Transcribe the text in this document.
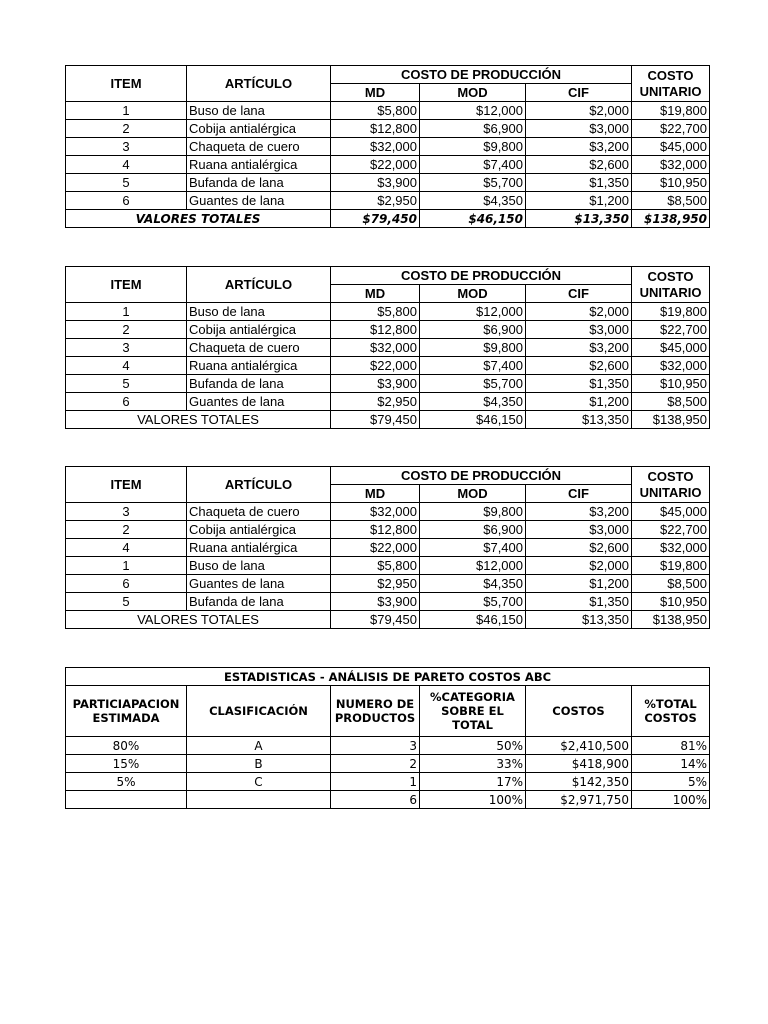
ITEM	ARTÍCULO	COSTO DE PRODUCCIÓN			COSTO
UNITARIO
		MD	MOD	CIF	
1	Buso de lana	$5,800	$12,000	$2,000	$19,800
2	Cobija antialérgica	$12,800	$6,900	$3,000	$22,700
3	Chaqueta de cuero	$32,000	$9,800	$3,200	$45,000
4	Ruana antialérgica	$22,000	$7,400	$2,600	$32,000
5	Bufanda de lana	$3,900	$5,700	$1,350	$10,950
6	Guantes de lana	$2,950	$4,350	$1,200	$8,500
VALORES TOTALES		$79,450	$46,150	$13,350	$138,950
ITEM	ARTÍCULO	COSTO DE PRODUCCIÓN			COSTO
UNITARIO
		MD	MOD	CIF	
1	Buso de lana	$5,800	$12,000	$2,000	$19,800
2	Cobija antialérgica	$12,800	$6,900	$3,000	$22,700
3	Chaqueta de cuero	$32,000	$9,800	$3,200	$45,000
4	Ruana antialérgica	$22,000	$7,400	$2,600	$32,000
5	Bufanda de lana	$3,900	$5,700	$1,350	$10,950
6	Guantes de lana	$2,950	$4,350	$1,200	$8,500
VALORES TOTALES		$79,450	$46,150	$13,350	$138,950
ITEM	ARTÍCULO	COSTO DE PRODUCCIÓN			COSTO
UNITARIO
		MD	MOD	CIF	
3	Chaqueta de cuero	$32,000	$9,800	$3,200	$45,000
2	Cobija antialérgica	$12,800	$6,900	$3,000	$22,700
4	Ruana antialérgica	$22,000	$7,400	$2,600	$32,000
1	Buso de lana	$5,800	$12,000	$2,000	$19,800
6	Guantes de lana	$2,950	$4,350	$1,200	$8,500
5	Bufanda de lana	$3,900	$5,700	$1,350	$10,950
VALORES TOTALES		$79,450	$46,150	$13,350	$138,950
ESTADISTICAS - ANÁLISIS DE PARETO COSTOS ABC					
PARTICIAPACION ESTIMADA	CLASIFICACIÓN	NUMERO DE PRODUCTOS	%CATEGORIA SOBRE EL TOTAL	COSTOS	%TOTAL COSTOS
80%	A	3	50%	$2,410,500	81%
15%	B	2	33%	$418,900	14%
5%	C	1	17%	$142,350	5%
		6	100%	$2,971,750	100%
